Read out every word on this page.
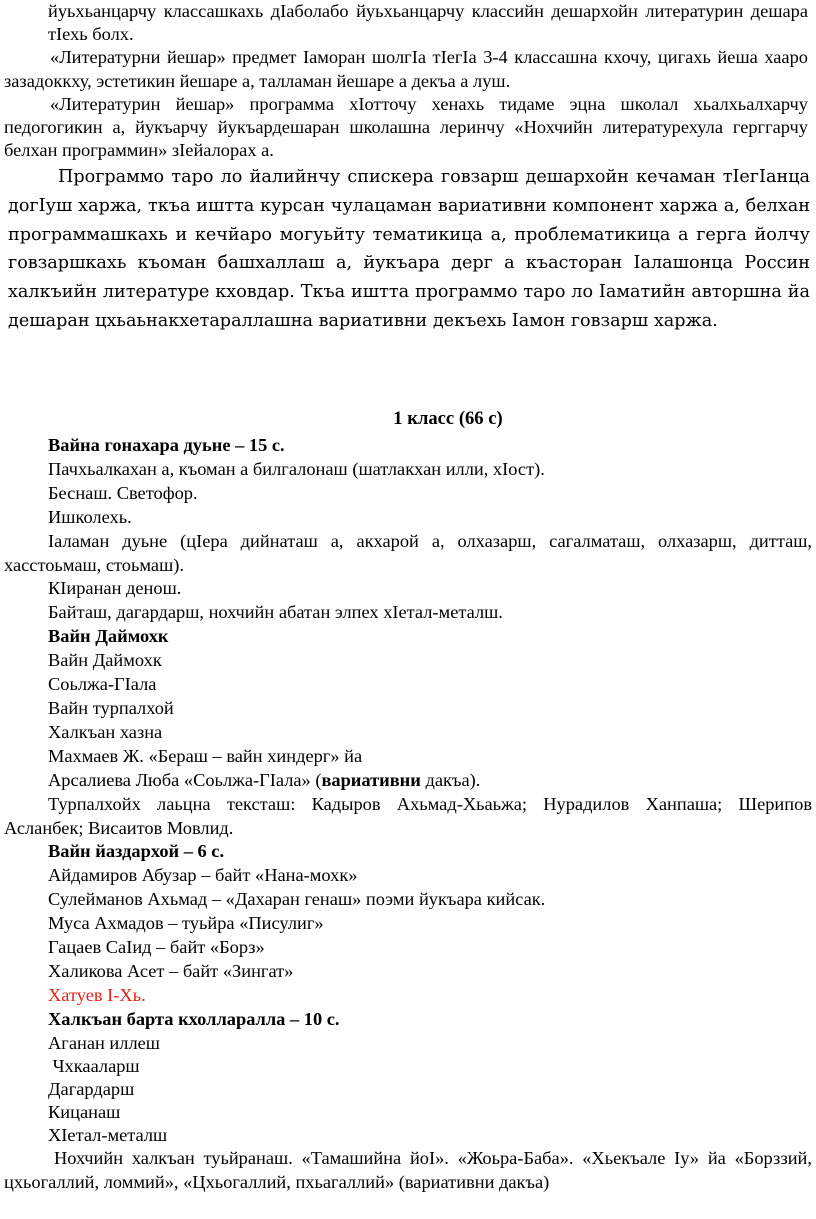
йуьхьанцарчу классашкахь дIаболабо йуьхьанцарчу классийн дешархойн литературин дешара тIехь болх.

«Литературни йешар» предмет Iаморан шолгIа тIегIа 3-4 классашна кхочу, цигахь йеша хааро зазадоккху, эстетикин йешаре а, талламан йешаре а декъа а луш.

«Литературин йешар» программа хIотточу хенахь тидаме эцна школал хьалхьалхарчу педогогикин а, йукъарчу йукъардешаран школашна леринчу «Нохчийн литературехула герггарчу белхан программин» зIейалорах а.

Программо таро ло йалийнчу спискера говзарш дешархойн кечаман тIегIанца догIуш харжа, ткъа иштта курсан чулацаман вариативни компонент харжа а, белхан программашкахь и кечйаро могуьйту тематикица а, проблематикица а герга йолчу говзаршкахь къоман башхаллаш а, йукъара дерг а къасторан Iалашонца Россин халкъийн литературе кховдар. Ткъа иштта программо таро ло Iаматийн авторшна йа дешаран цхьаьнакхетараллашна вариативни декъехь Iамон говзарш харжа.

1 класс (66 с)

Вайна гонахара дуьне – 15 с.

Пачхьалкахан а, къоман а билгалонаш (шатлакхан илли, хIост).

Беснаш. Светофор.

Ишколехь.

Iаламан дуьне (цIера дийнаташ а, акхарой а, олхазарш, сагалматаш, олхазарш, дитташ, хасстоьмаш, стоьмаш).

КIиранан денош.

Байташ, дагардарш, нохчийн абатан элпех хIетал-металш.

Вайн Даймохк

Вайн Даймохк

Соьлжа-ГIала

Вайн турпалхой

Халкъан хазна

Махмаев Ж. «Бераш – вайн хиндерг» йа

Арсалиева Люба «Соьлжа-ГIала» (вариативни дакъа).

Турпалхойх лаьцна тексташ: Кадыров Ахьмад-Хьаьжа; Нурадилов Ханпаша; Шерипов Асланбек; Висаитов Мовлид.

Вайн йаздархой – 6 с.

Айдамиров Абузар – байт «Нана-мохк»

Сулейманов Ахьмад – «Дахаран генаш» поэми йукъара кийсак.

Муса Ахмадов – туьйра «Писулиг»

Гацаев СаIид – байт «Борз»

Халикова Асет – байт «Зингат»

Хатуев I-Хь.

Халкъан барта кхолларалла – 10 с.

Аганан иллеш

Чхкааларш

Дагардарш

Кицанаш

ХIетал-металш

Нохчийн халкъан туьйранаш. «Тамашийна йоI». «Жоьра-Баба». «Хьекъале Iу» йа «Борззий, цхьогаллий, ломмий», «Цхьогаллий, пхьагаллий» (вариативни дакъа)
